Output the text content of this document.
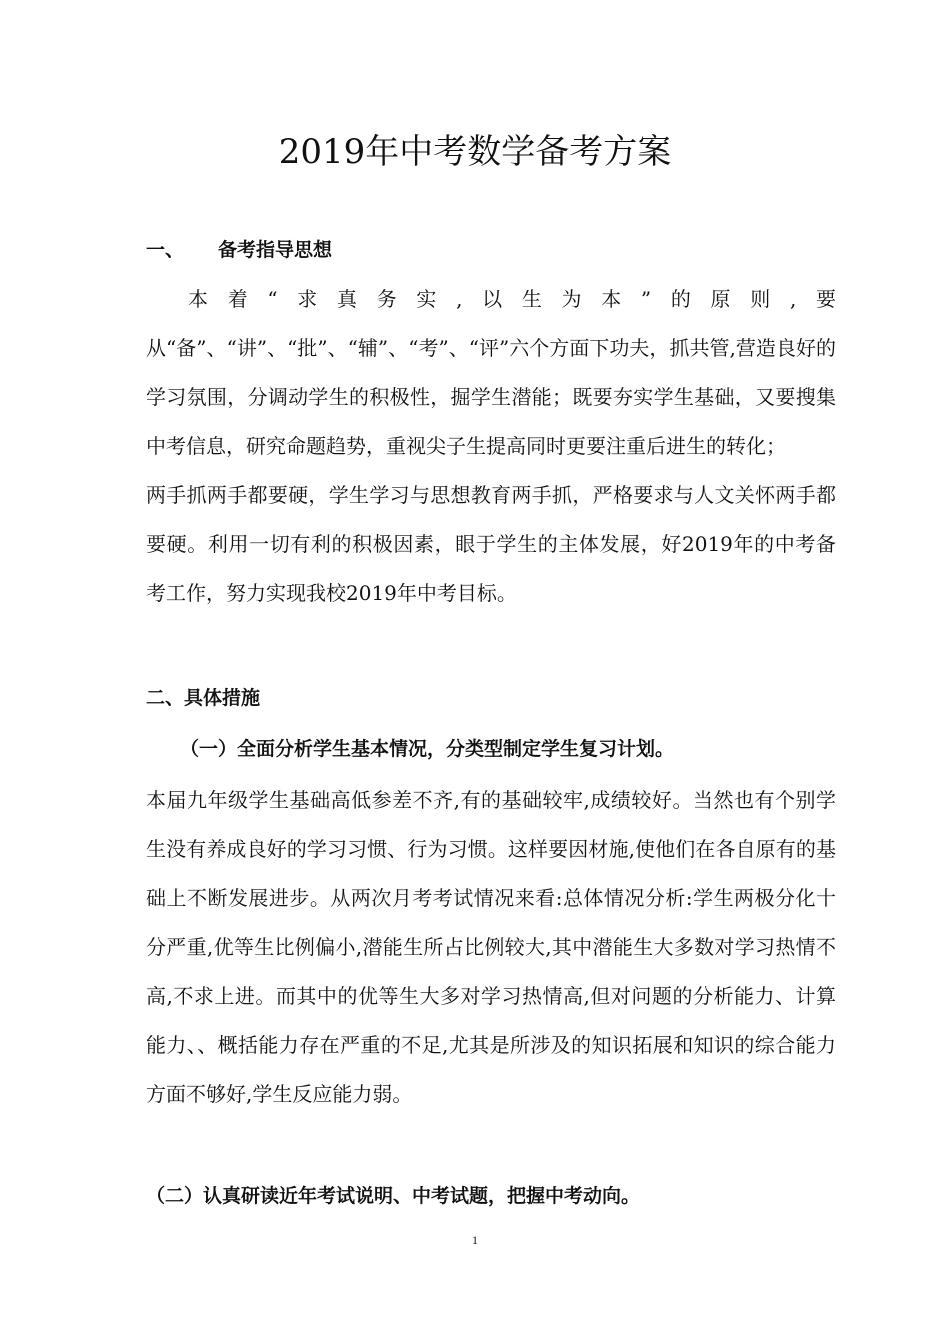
2019年中考数学备考方案

一、 备考指导思想

本着“求真务实,以生为本”的原则,要从“备”、“讲”、“批”、“辅”、“考”、“评”六个方面下功夫，抓共管,营造良好的学习氛围，分调动学生的积极性，掘学生潜能；既要夯实学生基础，又要搜集中考信息，研究命题趋势，重视尖子生提高同时更要注重后进生的转化；

两手抓两手都要硬，学生学习与思想教育两手抓，严格要求与人文关怀两手都要硬。利用一切有利的积极因素，眼于学生的主体发展，好2019年的中考备考工作，努力实现我校2019年中考目标。

二、具体措施

（一）全面分析学生基本情况，分类型制定学生复习计划。

本届九年级学生基础高低参差不齐,有的基础较牢,成绩较好。当然也有个别学生没有养成良好的学习习惯、行为习惯。这样要因材施,使他们在各自原有的基础上不断发展进步。从两次月考考试情况来看:总体情况分析:学生两极分化十分严重,优等生比例偏小,潜能生所占比例较大,其中潜能生大多数对学习热情不高,不求上进。而其中的优等生大多对学习热情高,但对问题的分析能力、计算能力、、概括能力存在严重的不足,尤其是所涉及的知识拓展和知识的综合能力方面不够好,学生反应能力弱。

（二）认真研读近年考试说明、中考试题，把握中考动向。

1
